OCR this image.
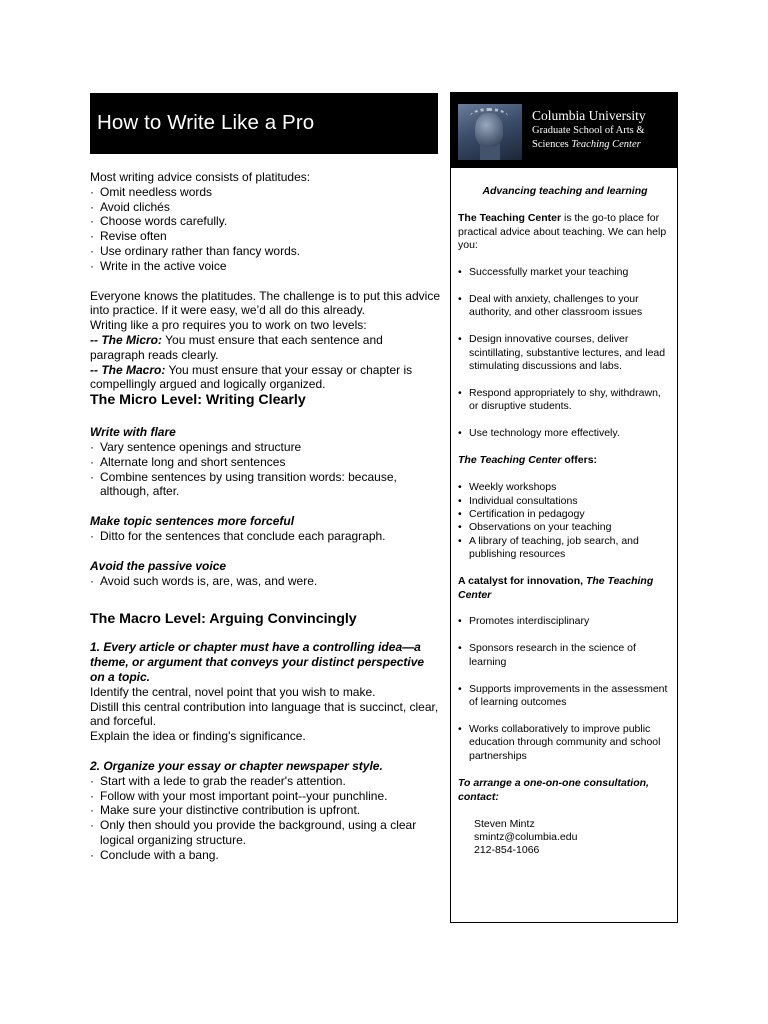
How to Write Like a Pro

Most writing advice consists of platitudes:

· Omit needless words

· Avoid clichés

· Choose words carefully.

· Revise often

· Use ordinary rather than fancy words.

· Write in the active voice

Everyone knows the platitudes. The challenge is to put this advice into practice. If it were easy, we’d all do this already.

Writing like a pro requires you to work on two levels:

-- The Micro: You must ensure that each sentence and paragraph reads clearly.

-- The Macro: You must ensure that your essay or chapter is compellingly argued and logically organized.

The Micro Level: Writing Clearly

Write with flare

· Vary sentence openings and structure

· Alternate long and short sentences

· Combine sentences by using transition words: because, although, after.

Make topic sentences more forceful

· Ditto for the sentences that conclude each paragraph.

Avoid the passive voice

· Avoid such words is, are, was, and were.

The Macro Level: Arguing Convincingly

1. Every article or chapter must have a controlling idea—a theme, or argument that conveys your distinct perspective on a topic.

Identify the central, novel point that you wish to make.

Distill this central contribution into language that is succinct, clear, and forceful.

Explain the idea or finding's significance.

2. Organize your essay or chapter newspaper style.

· Start with a lede to grab the reader's attention.

· Follow with your most important point--your punchline.

· Make sure your distinctive contribution is upfront.

· Only then should you provide the background, using a clear logical organizing structure.

· Conclude with a bang.

Columbia University
Graduate School of Arts &
Sciences Teaching Center

Advancing teaching and learning

The Teaching Center is the go-to place for practical advice about teaching. We can help you:

• Successfully market your teaching

• Deal with anxiety, challenges to your authority, and other classroom issues

• Design innovative courses, deliver scintillating, substantive lectures, and lead stimulating discussions and labs.

• Respond appropriately to shy, withdrawn, or disruptive students.

• Use technology more effectively.

The Teaching Center offers:

• Weekly workshops

• Individual consultations

• Certification in pedagogy

• Observations on your teaching

• A library of teaching, job search, and publishing resources

A catalyst for innovation, The Teaching Center

• Promotes interdisciplinary

• Sponsors research in the science of learning

• Supports improvements in the assessment of learning outcomes

• Works collaboratively to improve public education through community and school partnerships

To arrange a one-on-one consultation, contact:

Steven Mintz

smintz@columbia.edu

212-854-1066
